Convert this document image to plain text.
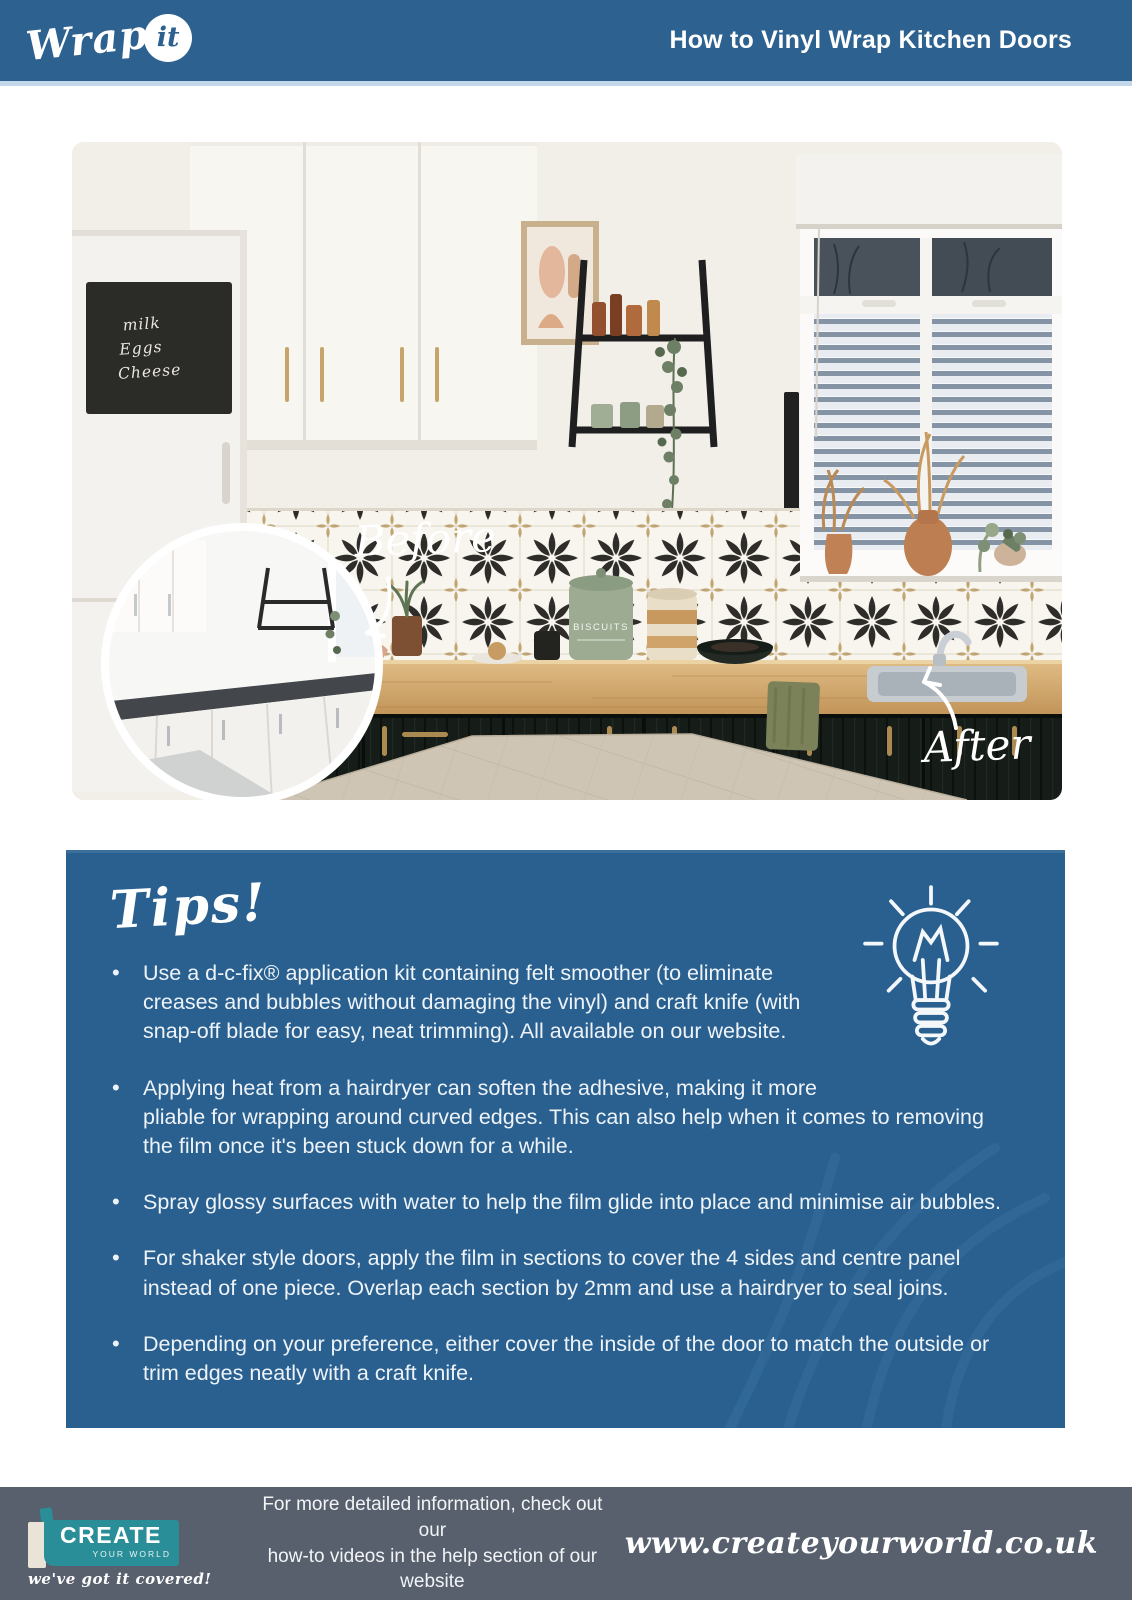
Wrap it	How to Vinyl Wrap Kitchen Doors
BISCUITS
milk
Eggs
Cheese
Before
After
Tips!
• Use a d-c-fix® application kit containing felt smoother (to eliminate creases and bubbles without damaging the vinyl) and craft knife (with snap-off blade for easy, neat trimming). All available on our website.
• Applying heat from a hairdryer can soften the adhesive, making it more pliable for wrapping around curved edges. This can also help when it comes to removing the film once it's been stuck down for a while.
• Spray glossy surfaces with water to help the film glide into place and minimise air bubbles.
• For shaker style doors, apply the film in sections to cover the 4 sides and centre panel instead of one piece. Overlap each section by 2mm and use a hairdryer to seal joins.
• Depending on your preference, either cover the inside of the door to match the outside or trim edges neatly with a craft knife.
CREATE
YOUR WORLD
we've got it covered!
For more detailed information, check out our
how-to videos in the help section of our website
www.createyourworld.co.uk
